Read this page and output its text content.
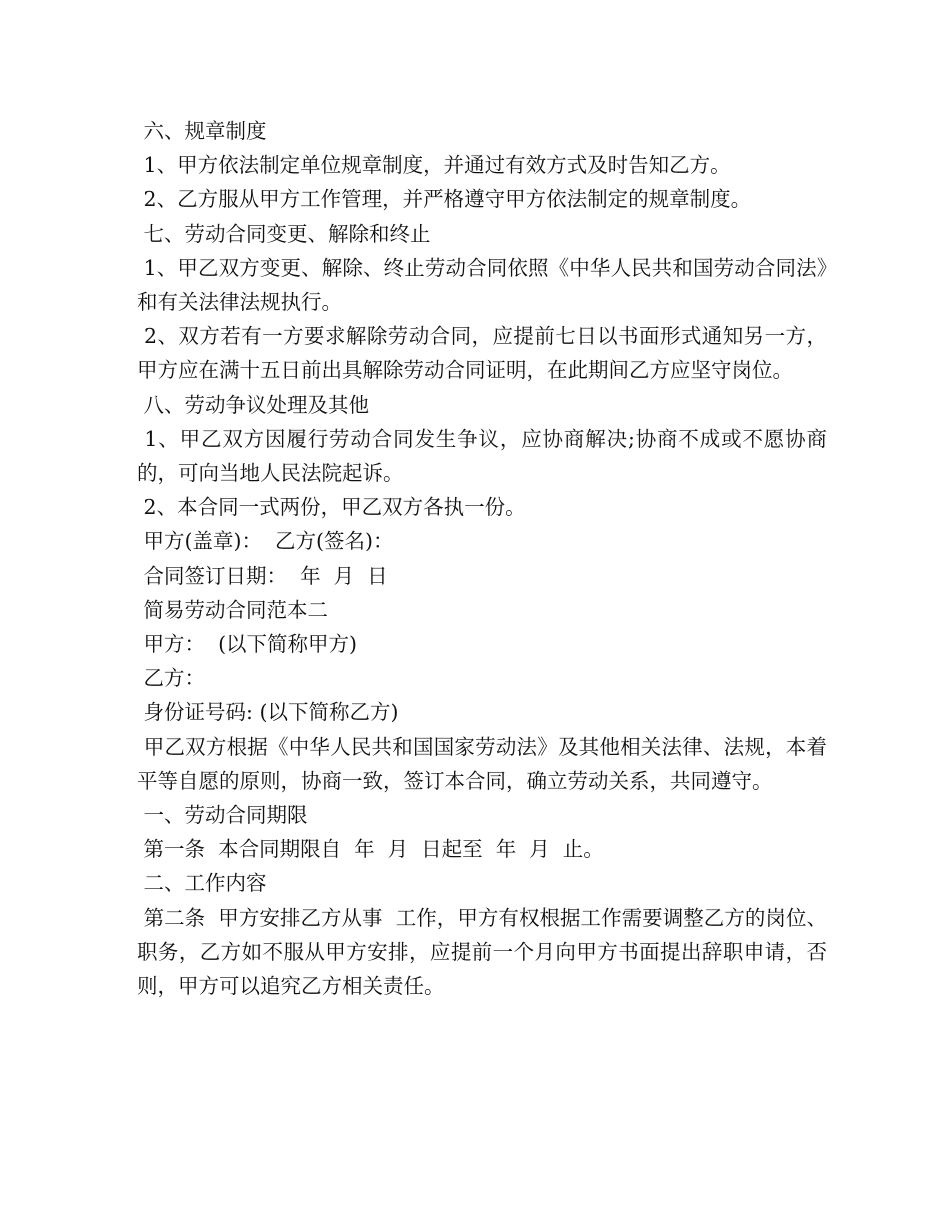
六、规章制度

1、甲方依法制定单位规章制度，并通过有效方式及时告知乙方。

2、乙方服从甲方工作管理，并严格遵守甲方依法制定的规章制度。

七、劳动合同变更、解除和终止

1、甲乙双方变更、解除、终止劳动合同依照《中华人民共和国劳动合同法》和有关法律法规执行。

2、双方若有一方要求解除劳动合同，应提前七日以书面形式通知另一方，甲方应在满十五日前出具解除劳动合同证明，在此期间乙方应坚守岗位。

八、劳动争议处理及其他

1、甲乙双方因履行劳动合同发生争议，应协商解决;协商不成或不愿协商的，可向当地人民法院起诉。

2、本合同一式两份，甲乙双方各执一份。

甲方(盖章)：  乙方(签名)：

合同签订日期：  年  月  日

简易劳动合同范本二

甲方：  (以下简称甲方)

乙方：

身份证号码: (以下简称乙方)

甲乙双方根据《中华人民共和国国家劳动法》及其他相关法律、法规，本着平等自愿的原则，协商一致，签订本合同，确立劳动关系，共同遵守。

一、劳动合同期限

第一条  本合同期限自  年  月  日起至  年  月  止。

二、工作内容

第二条  甲方安排乙方从事  工作，甲方有权根据工作需要调整乙方的岗位、职务，乙方如不服从甲方安排，应提前一个月向甲方书面提出辞职申请，否则，甲方可以追究乙方相关责任。
